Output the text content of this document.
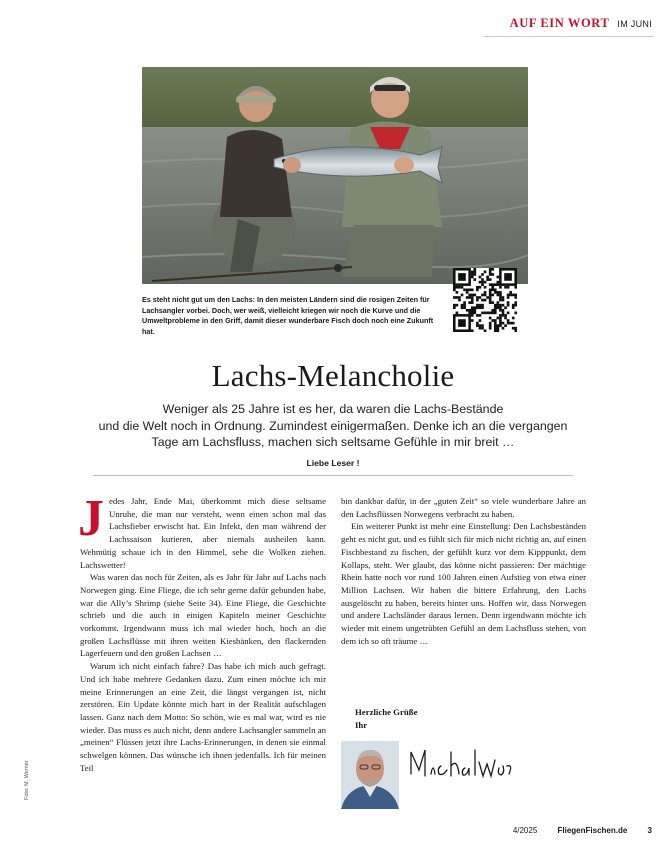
AUF EIN WORT IM JUNI
Es steht nicht gut um den Lachs: In den meisten Ländern sind die rosigen Zeiten für Lachsangler vorbei. Doch, wer weiß, vielleicht kriegen wir noch die Kurve und die Umweltprobleme in den Griff, damit dieser wunderbare Fisch doch noch eine Zukunft hat.
Lachs-Melancholie
Weniger als 25 Jahre ist es her, da waren die Lachs-Bestände
und die Welt noch in Ordnung. Zumindest einigermaßen. Denke ich an die vergangen
Tage am Lachsfluss, machen sich seltsame Gefühle in mir breit …
Liebe Leser !

Jedes Jahr, Ende Mai, überkommt mich diese seltsame Unruhe, die man nur versteht, wenn einen schon mal das Lachsfieber erwischt hat. Ein Infekt, den man während der Lachssaison kurieren, aber niemals ausheilen kann. Wehmütig schaue ich in den Himmel, sehe die Wolken ziehen. Lachswetter!

Was waren das noch für Zeiten, als es Jahr für Jahr auf Lachs nach Norwegen ging. Eine Fliege, die ich sehr gerne dafür gebunden habe, war die Ally’s Shrimp (siehe Seite 34). Eine Fliege, die Geschichte schrieb und die auch in einigen Kapiteln meiner Geschichte vorkommt. Irgendwann muss ich mal wieder hoch, hoch an die großen Lachsflüsse mit ihren weiten Kiesbänken, den flackernden Lagerfeuern und den großen Lachsen …

Warum ich nicht einfach fahre? Das habe ich mich auch gefragt. Und ich habe mehrere Gedanken dazu. Zum einen möchte ich mir meine Erinnerungen an eine Zeit, die längst vergangen ist, nicht zerstören. Ein Update könnte mich hart in der Realität aufschlagen lassen. Ganz nach dem Motto: So schön, wie es mal war, wird es nie wieder. Das muss es auch nicht, denn andere Lachsangler sammeln an „meinen“ Flüssen jetzt ihre Lachs-Erinnerungen, in denen sie einmal schwelgen können. Das wünsche ich ihnen jedenfalls. Ich für meinen Teil

bin dankbar dafür, in der „guten Zeit“ so viele wunderbare Jahre an den Lachsflüssen Norwegens verbracht zu haben.

Ein weiterer Punkt ist mehr eine Einstellung: Den Lachsbeständen geht es nicht gut, und es fühlt sich für mich nicht richtig an, auf einen Fischbestand zu fischen, der gefühlt kurz vor dem Kipppunkt, dem Kollaps, steht. Wer glaubt, das könne nicht passieren: Der mächtige Rhein hatte noch vor rund 100 Jahren einen Aufstieg von etwa einer Million Lachsen. Wir haben die bittere Erfahrung, den Lachs ausgelöscht zu haben, bereits hinter uns. Hoffen wir, dass Norwegen und andere Lachsländer daraus lernen. Denn irgendwann möchte ich wieder mit einem ungetrübten Gefühl an dem Lachsfluss stehen, von dem ich so oft träume …

Herzliche Grüße
Ihr
Foto: M. Werner
4/2025	FliegenFischen.de	3
